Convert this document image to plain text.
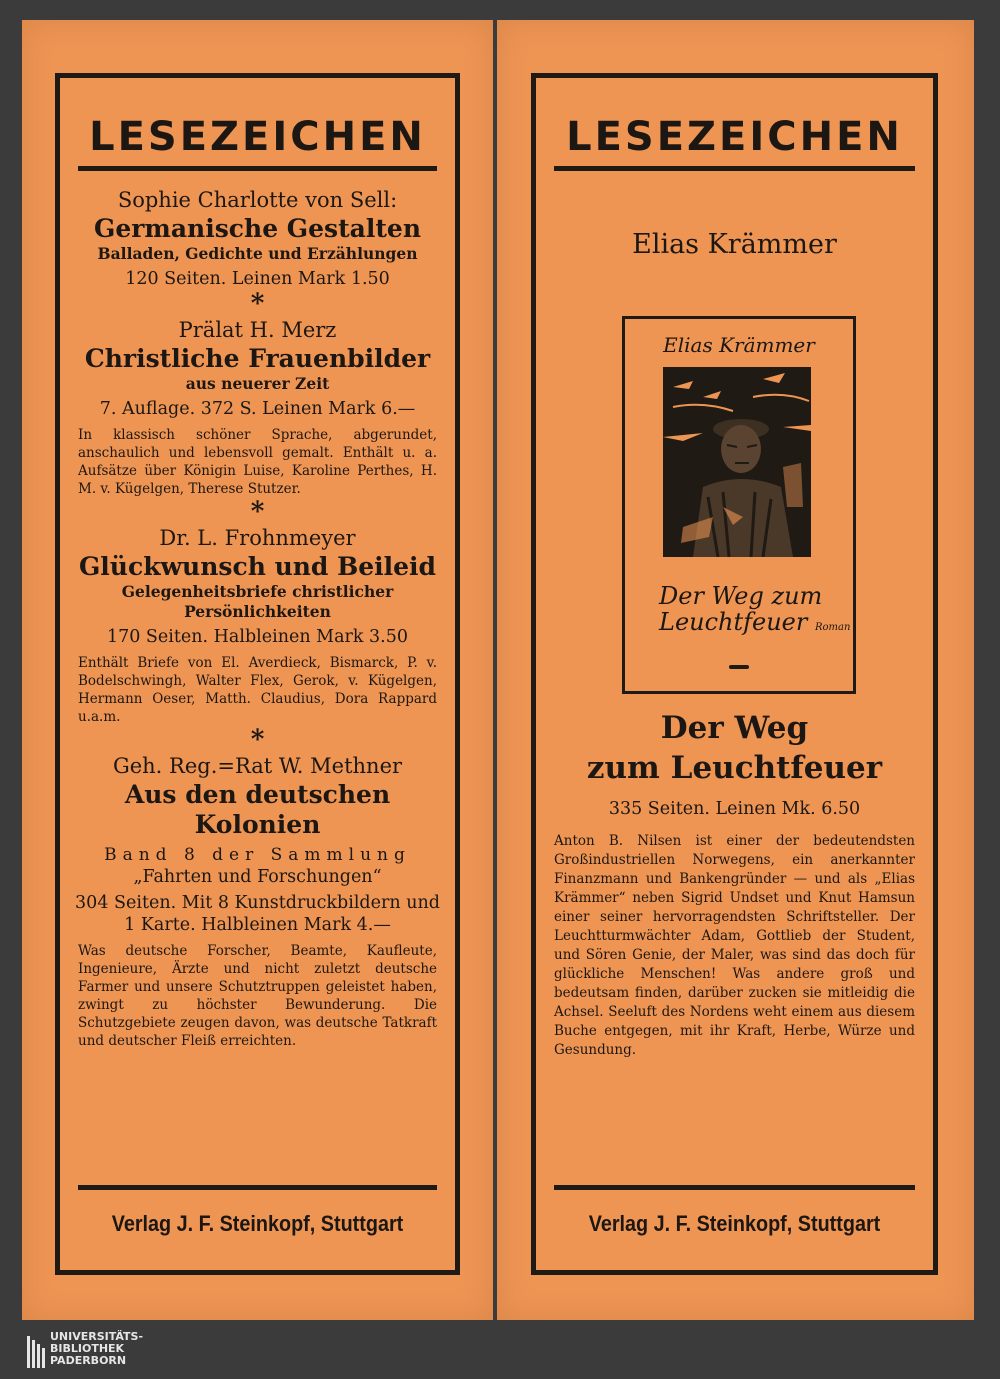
LESEZEICHEN

Sophie Charlotte von Sell:

Germanische Gestalten

Balladen, Gedichte und Erzählungen

120 Seiten. Leinen Mark 1.50

*

Prälat H. Merz

Christliche Frauenbilder

aus neuerer Zeit

7. Auflage. 372 S. Leinen Mark 6.—

In klassisch schöner Sprache, abgerundet, anschaulich und lebensvoll gemalt. Enthält u. a. Aufsätze über Königin Luise, Karoline Perthes, H. M. v. Kügelgen, Therese Stutzer.

*

Dr. L. Frohnmeyer

Glückwunsch und Beileid

Gelegenheitsbriefe christlicher Persönlichkeiten

170 Seiten. Halbleinen Mark 3.50

Enthält Briefe von El. Averdieck, Bismarck, P. v. Bodelschwingh, Walter Flex, Gerok, v. Kügelgen, Hermann Oeser, Matth. Claudius, Dora Rappard u.a.m.

*

Geh. Reg.=Rat W. Methner

Aus den deutschen Kolonien

Band 8 der Sammlung

„Fahrten und Forschungen“

304 Seiten. Mit 8 Kunstdruckbildern und 1 Karte. Halbleinen Mark 4.—

Was deutsche Forscher, Beamte, Kaufleute, Ingenieure, Ärzte und nicht zuletzt deutsche Farmer und unsere Schutztruppen geleistet haben, zwingt zu höchster Bewunderung. Die Schutzgebiete zeugen davon, was deutsche Tatkraft und deutscher Fleiß erreichten.

Verlag J. F. Steinkopf, Stuttgart
LESEZEICHEN

Elias Krämmer

Elias Krämmer
Der Weg zum
Leuchtfeuer Roman

Der Weg

zum Leuchtfeuer

335 Seiten. Leinen Mk. 6.50

Anton B. Nilsen ist einer der bedeutendsten Großindustriellen Norwegens, ein anerkannter Finanzmann und Bankengründer — und als „Elias Krämmer“ neben Sigrid Undset und Knut Hamsun einer seiner hervorragendsten Schriftsteller. Der Leuchtturmwächter Adam, Gottlieb der Student, und Sören Genie, der Maler, was sind das doch für glückliche Menschen! Was andere groß und bedeutsam finden, darüber zucken sie mitleidig die Achsel. Seeluft des Nordens weht einem aus diesem Buche entgegen, mit ihr Kraft, Herbe, Würze und Gesundung.

Verlag J. F. Steinkopf, Stuttgart
UNIVERSITÄTS-
BIBLIOTHEK
PADERBORN
